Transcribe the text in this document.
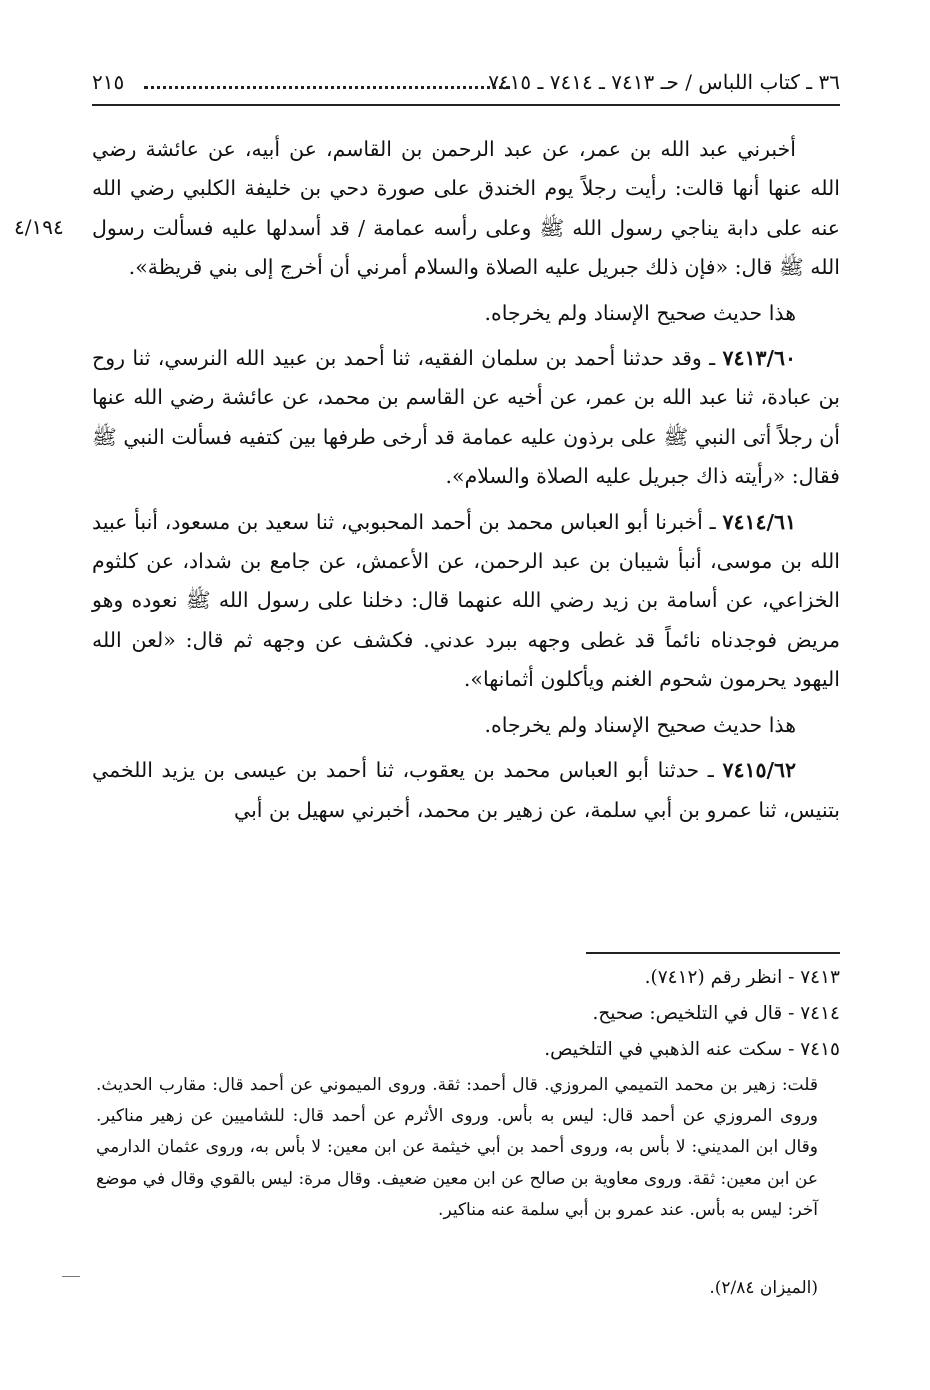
٣٦ ـ كتاب اللباس / حـ ٧٤١٣ ـ ٧٤١٤ ـ ٧٤١٥
٢١٥
٤/١٩٤

أخبرني عبد الله بن عمر، عن عبد الرحمن بن القاسم، عن أبيه، عن عائشة رضي الله عنها أنها قالت: رأيت رجلاً يوم الخندق على صورة دحي بن خليفة الكلبي رضي الله عنه على دابة يناجي رسول الله ﷺ وعلى رأسه عمامة / قد أسدلها عليه فسألت رسول الله ﷺ قال: «فإن ذلك جبريل عليه الصلاة والسلام أمرني أن أخرج إلى بني قريظة».

هذا حديث صحيح الإسناد ولم يخرجاه.

٧٤١٣/٦٠ ـ وقد حدثنا أحمد بن سلمان الفقيه، ثنا أحمد بن عبيد الله النرسي، ثنا روح بن عبادة، ثنا عبد الله بن عمر، عن أخيه عن القاسم بن محمد، عن عائشة رضي الله عنها أن رجلاً أتى النبي ﷺ على برذون عليه عمامة قد أرخى طرفها بين كتفيه فسألت النبي ﷺ فقال: «رأيته ذاك جبريل عليه الصلاة والسلام».

٧٤١٤/٦١ ـ أخبرنا أبو العباس محمد بن أحمد المحبوبي، ثنا سعيد بن مسعود، أنبأ عبيد الله بن موسى، أنبأ شيبان بن عبد الرحمن، عن الأعمش، عن جامع بن شداد، عن كلثوم الخزاعي، عن أسامة بن زيد رضي الله عنهما قال: دخلنا على رسول الله ﷺ نعوده وهو مريض فوجدناه نائماً قد غطى وجهه ببرد عدني. فكشف عن وجهه ثم قال: «لعن الله اليهود يحرمون شحوم الغنم ويأكلون أثمانها».

هذا حديث صحيح الإسناد ولم يخرجاه.

٧٤١٥/٦٢ ـ حدثنا أبو العباس محمد بن يعقوب، ثنا أحمد بن عيسى بن يزيد اللخمي بتنيس، ثنا عمرو بن أبي سلمة، عن زهير بن محمد، أخبرني سهيل بن أبي

٧٤١٣ - انظر رقم (٧٤١٢).

٧٤١٤ - قال في التلخيص: صحيح.

٧٤١٥ - سكت عنه الذهبي في التلخيص.

قلت: زهير بن محمد التميمي المروزي. قال أحمد: ثقة. وروى الميموني عن أحمد قال: مقارب الحديث. وروى المروزي عن أحمد قال: ليس به بأس. وروى الأثرم عن أحمد قال: للشاميين عن زهير مناكير. وقال ابن المديني: لا بأس به، وروى أحمد بن أبي خيثمة عن ابن معين: لا بأس به، وروى عثمان الدارمي عن ابن معين: ثقة. وروى معاوية بن صالح عن ابن معين ضعيف. وقال مرة: ليس بالقوي وقال في موضع آخر: ليس به بأس. عند عمرو بن أبي سلمة عنه مناكير.

(الميزان ٢/٨٤).
